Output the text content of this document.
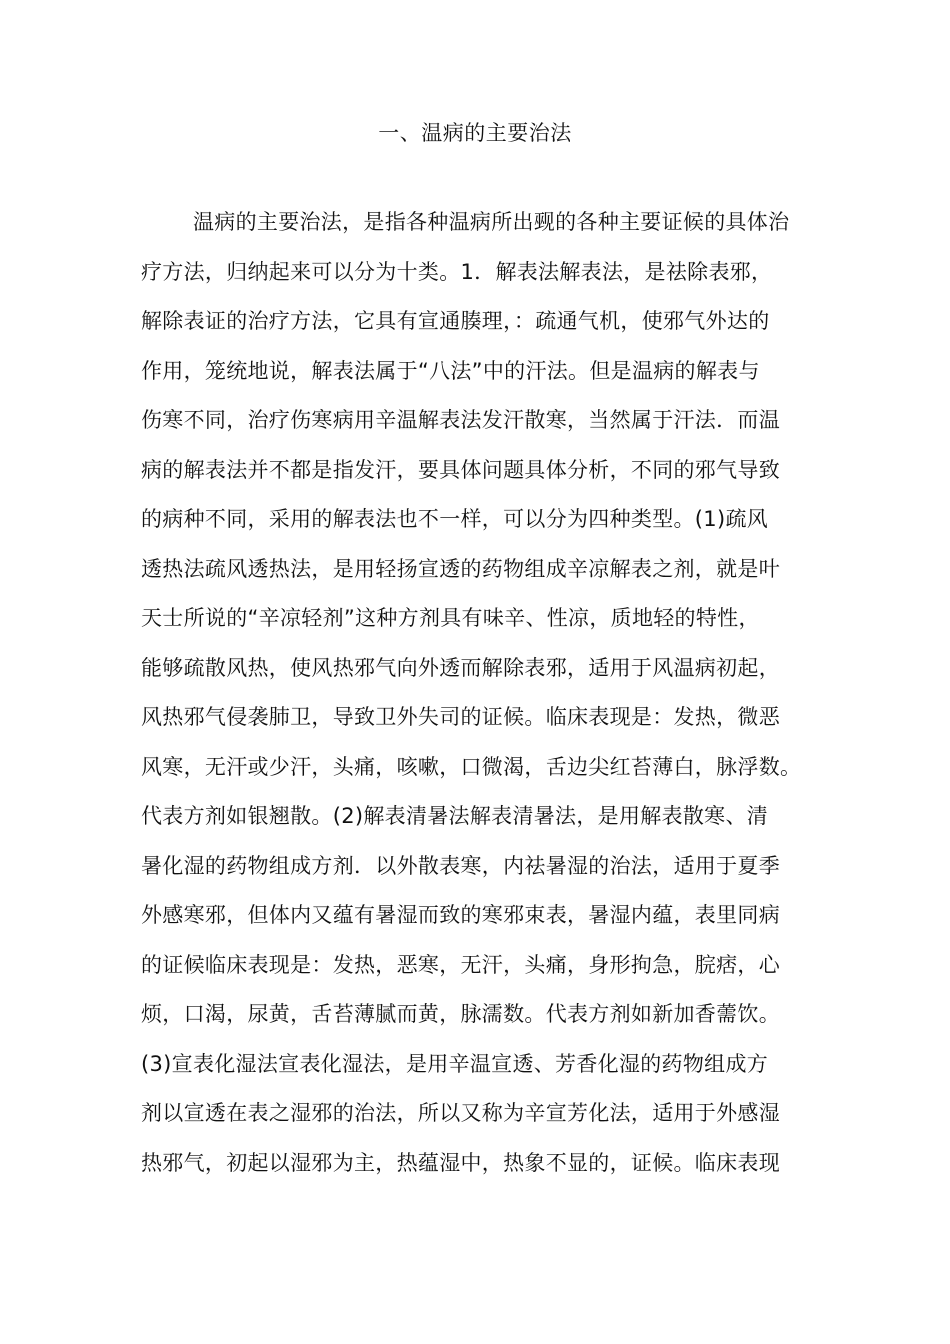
一、温病的主要治法
温病的主要治法，是指各种温病所出觋的各种主要证候的具体治
疗方法，归纳起来可以分为十类。1．解表法解表法，是祛除表邪，
解除表证的治疗方法，它具有宣通腠理，：疏通气机，使邪气外达的
作用，笼统地说，解表法属于“八法”中的汗法。但是温病的解表与
伤寒不同，治疗伤寒病用辛温解表法发汗散寒，当然属于汗法．而温
病的解表法并不都是指发汗，要具体问题具体分析，不同的邪气导致
的病种不同，采用的解表法也不一样，可以分为四种类型。(1)疏风
透热法疏风透热法，是用轻扬宣透的药物组成辛凉解表之剂，就是叶
天士所说的“辛凉轻剂”这种方剂具有味辛、性凉，质地轻的特性，
能够疏散风热，使风热邪气向外透而解除表邪，适用于风温病初起，
风热邪气侵袭肺卫，导致卫外失司的证候。临床表现是：发热，微恶
风寒，无汗或少汗，头痛，咳嗽，口微渴，舌边尖红苔薄白，脉浮数。
代表方剂如银翘散。(2)解表清暑法解表清暑法，是用解表散寒、清
暑化湿的药物组成方剂．以外散表寒，内祛暑湿的治法，适用于夏季
外感寒邪，但体内又蕴有暑湿而致的寒邪束表，暑湿内蕴，表里同病
的证候临床表现是：发热，恶寒，无汗，头痛，身形拘急，脘痞，心
烦，口渴，尿黄，舌苔薄腻而黄，脉濡数。代表方剂如新加香薷饮。
(3)宣表化湿法宣表化湿法，是用辛温宣透、芳香化湿的药物组成方
剂以宣透在表之湿邪的治法，所以又称为辛宣芳化法，适用于外感湿
热邪气，初起以湿邪为主，热蕴湿中，热象不显的，证候。临床表现
